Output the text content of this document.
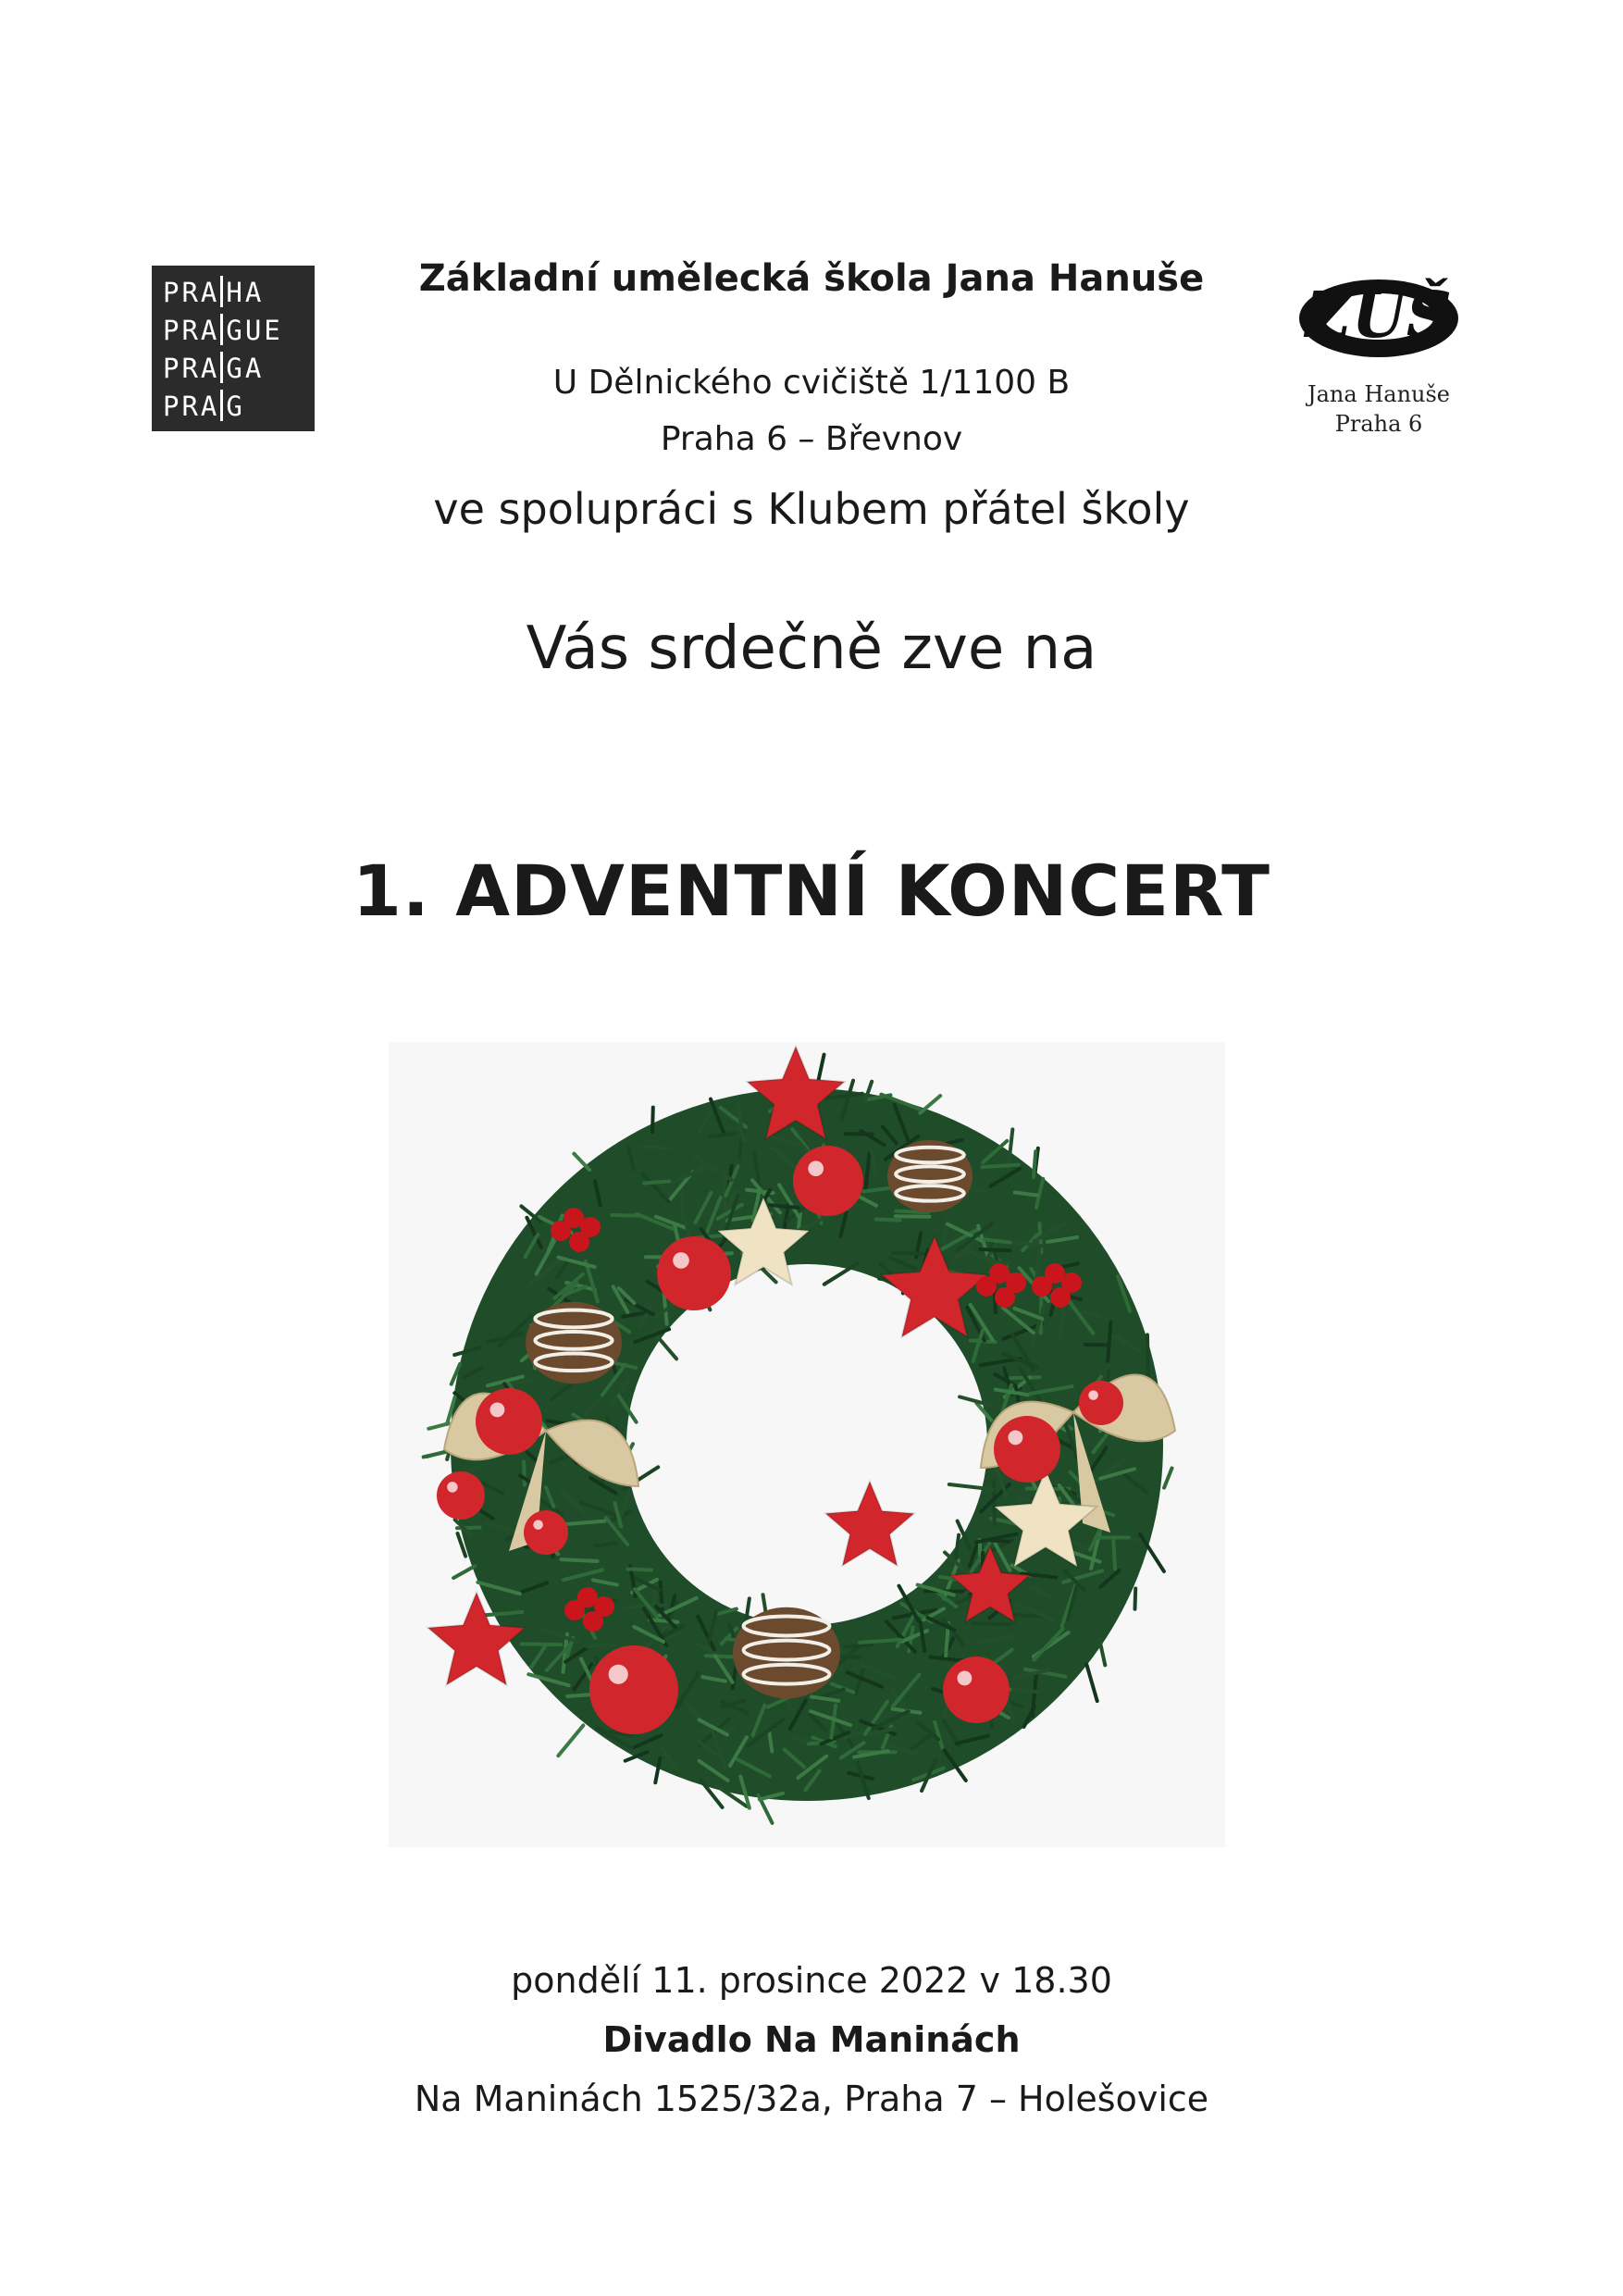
PRA HA
PRA GUE
PRA GA
PRA G
ZUŠ
Jana Hanuše
Praha 6
Základní umělecká škola Jana Hanuše
U Dělnického cvičiště 1/1100 B
Praha 6 – Břevnov
ve spolupráci s Klubem přátel školy
Vás srdečně zve na
1. ADVENTNÍ KONCERT
pondělí 11. prosince 2022 v 18.30
Divadlo Na Maninách
Na Maninách 1525/32a, Praha 7 – Holešovice
